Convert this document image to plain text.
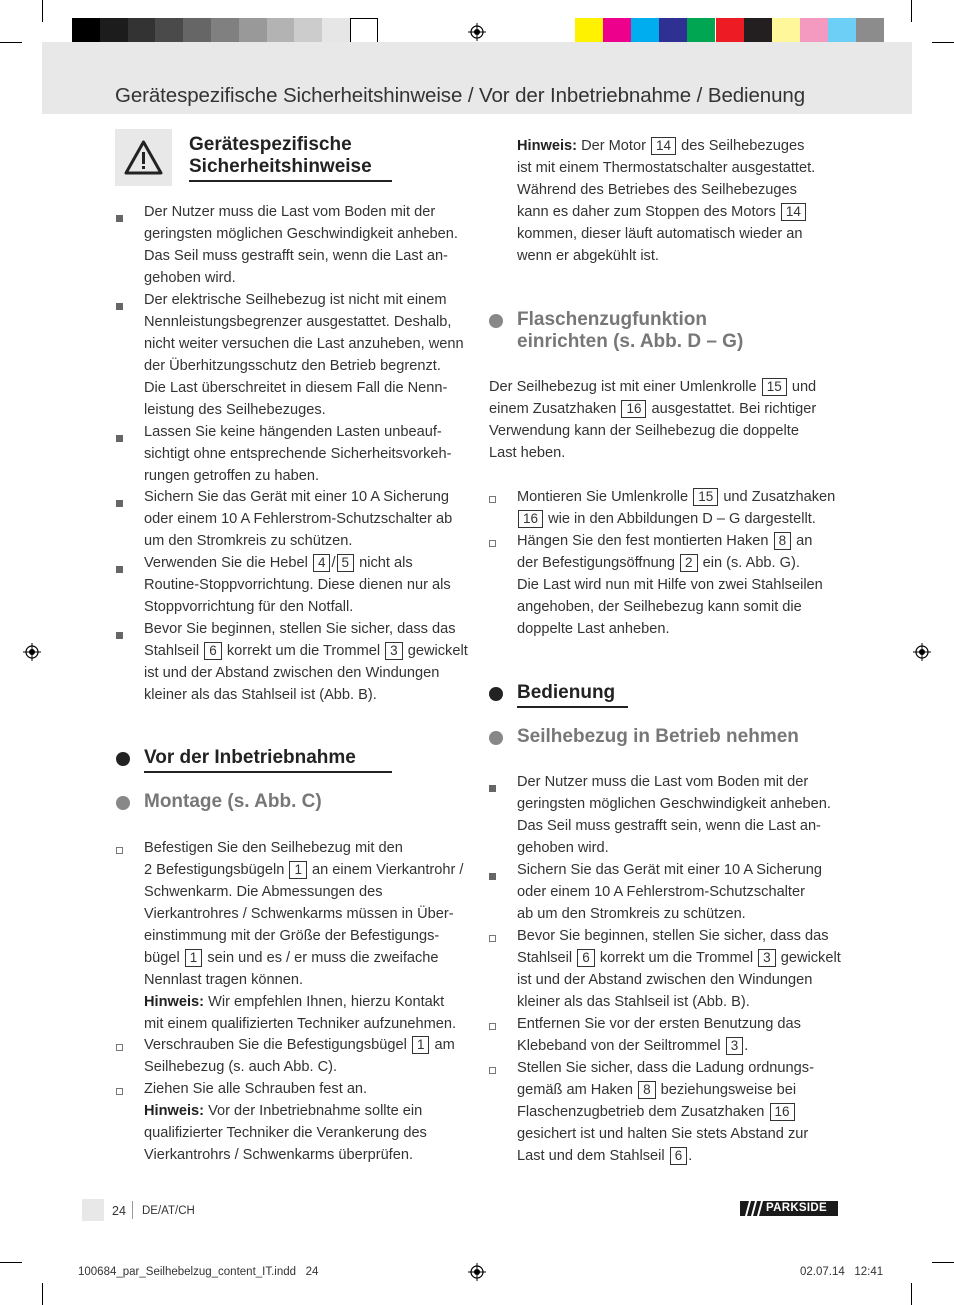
Gerätespezifische Sicherheitshinweise / Vor der Inbetriebnahme / Bedienung
Gerätespezifische
Sicherheitshinweise
Der Nutzer muss die Last vom Boden mit der
geringsten möglichen Geschwindigkeit anheben.
Das Seil muss gestrafft sein, wenn die Last an-
gehoben wird.
Der elektrische Seilhebezug ist nicht mit einem
Nennleistungsbegrenzer ausgestattet. Deshalb,
nicht weiter versuchen die Last anzuheben, wenn
der Überhitzungsschutz den Betrieb begrenzt.
Die Last überschreitet in diesem Fall die Nenn-
leistung des Seilhebezuges.
Lassen Sie keine hängenden Lasten unbeauf-
sichtigt ohne entsprechende Sicherheitsvorkeh-
rungen getroffen zu haben.
Sichern Sie das Gerät mit einer 10 A Sicherung
oder einem 10 A Fehlerstrom-Schutzschalter ab
um den Stromkreis zu schützen.
Verwenden Sie die Hebel 4 / 5 nicht als
Routine-Stoppvorrichtung. Diese dienen nur als
Stoppvorrichtung für den Notfall.
Bevor Sie beginnen, stellen Sie sicher, dass das
Stahlseil 6 korrekt um die Trommel 3 gewickelt
ist und der Abstand zwischen den Windungen
kleiner als das Stahlseil ist (Abb. B).
Vor der Inbetriebnahme
Montage (s. Abb. C)
Befestigen Sie den Seilhebezug mit den
2 Befestigungsbügeln 1 an einem Vierkantrohr /
Schwenkarm. Die Abmessungen des
Vierkantrohres / Schwenkarms müssen in Über-
einstimmung mit der Größe der Befestigungs-
bügel 1 sein und es / er muss die zweifache
Nennlast tragen können.
Hinweis: Wir empfehlen Ihnen, hierzu Kontakt
mit einem qualifizierten Techniker aufzunehmen.
Verschrauben Sie die Befestigungsbügel 1 am
Seilhebezug (s. auch Abb. C).
Ziehen Sie alle Schrauben fest an.
Hinweis: Vor der Inbetriebnahme sollte ein
qualifizierter Techniker die Verankerung des
Vierkantrohrs / Schwenkarms überprüfen.
Hinweis: Der Motor 14 des Seilhebezuges
ist mit einem Thermostatschalter ausgestattet.
Während des Betriebes des Seilhebezuges
kann es daher zum Stoppen des Motors 14
kommen, dieser läuft automatisch wieder an
wenn er abgekühlt ist.
Flaschenzugfunktion
einrichten (s. Abb. D – G)
Der Seilhebezug ist mit einer Umlenkrolle 15 und
einem Zusatzhaken 16 ausgestattet. Bei richtiger
Verwendung kann der Seilhebezug die doppelte
Last heben.
Montieren Sie Umlenkrolle 15 und Zusatzhaken
16 wie in den Abbildungen D – G dargestellt.
Hängen Sie den fest montierten Haken 8 an
der Befestigungsöffnung 2 ein (s. Abb. G).
Die Last wird nun mit Hilfe von zwei Stahlseilen
angehoben, der Seilhebezug kann somit die
doppelte Last anheben.
Bedienung
Seilhebezug in Betrieb nehmen
Der Nutzer muss die Last vom Boden mit der
geringsten möglichen Geschwindigkeit anheben.
Das Seil muss gestrafft sein, wenn die Last an-
gehoben wird.
Sichern Sie das Gerät mit einer 10 A Sicherung
oder einem 10 A Fehlerstrom-Schutzschalter
ab um den Stromkreis zu schützen.
Bevor Sie beginnen, stellen Sie sicher, dass das
Stahlseil 6 korrekt um die Trommel 3 gewickelt
ist und der Abstand zwischen den Windungen
kleiner als das Stahlseil ist (Abb. B).
Entfernen Sie vor der ersten Benutzung das
Klebeband von der Seiltrommel 3 .
Stellen Sie sicher, dass die Ladung ordnungs-
gemäß am Haken 8 beziehungsweise bei
Flaschenzugbetrieb dem Zusatzhaken 16
gesichert ist und halten Sie stets Abstand zur
Last und dem Stahlseil 6 .
24 DE/AT/CH	PARKSIDE
100684_par_Seilhebelzug_content_IT.indd   24	02.07.14   12:41
